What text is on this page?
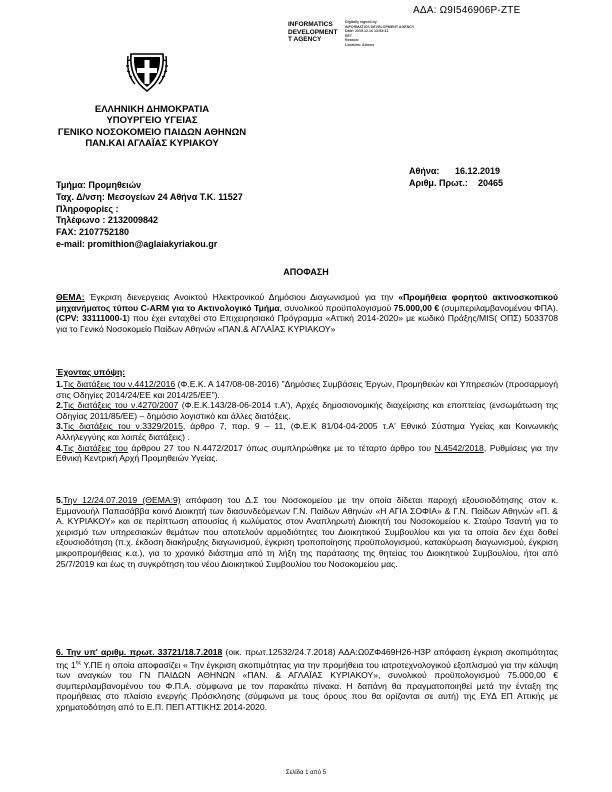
ΑΔΑ: Ω9Ι546906Ρ-ΖΤΕ
INFORMATICS
DEVELOPMENT
T AGENCY
Digitally signed by
INFORMATICS DEVELOPMENT AGENCY
Date: 2019.12.16 13:53:31
EET
Reason:
Location: Athens
ΕΛΛΗΝΙΚΗ ΔΗΜΟΚΡΑΤΙΑ
ΥΠΟΥΡΓΕΙΟ ΥΓΕΙΑΣ
ΓΕΝΙΚΟ ΝΟΣΟΚΟΜΕΙΟ ΠΑΙΔΩΝ ΑΘΗΝΩΝ
ΠΑΝ.ΚΑΙ ΑΓΛΑΪΑΣ ΚΥΡΙΑΚΟΥ
Αθήνα: 16.12.2019
Αριθμ. Πρωτ.: 20465
Τμήμα: Προμηθειών
Ταχ. Δ/νση: Μεσογείων 24 Αθήνα Τ.Κ. 11527
Πληροφορίες :
Τηλέφωνο : 2132009842
FAX: 2107752180
e-mail: promithion@aglaiakyriakou.gr
ΑΠΟΦΑΣΗ
ΘΕΜΑ: Έγκριση διενεργειας Ανοικτού Ηλεκτρονικού Δημόσιου Διαγωνισμού για την «Προμήθεια φορητού ακτινοσκοπικού μηχανήματος τύπου C-ARM για το Ακτινολογικό Τμήμα, συνολικού προϋπολογισμού 75.000,00 € (συμπεριλαμβανομένου ΦΠΑ). (CPV: 33111000-1) που έχει ενταχθεί στο Επιχειρησιακό Πρόγραμμα «Αττική 2014-2020» με κωδικό Πράξης/MIS( ΟΠΣ) 5033708 για το Γενικό Νοσοκομείο Παίδων Αθηνών «ΠΑΝ.& ΑΓΛΑΪΑΣ ΚΥΡΙΑΚΟΥ»
Έχοντας υπόψη:
1.Τις διατάξεις του ν.4412/2016 (Φ.Ε.Κ. Α 147/08-08-2016) "Δημόσιες Συμβάσεις Έργων, Προμηθειών και Υπηρεσιών (προσαρμογή στις Οδηγίες 2014/24/ΕΕ και 2014/25/ΕΕ").
2.Τις διατάξεις του ν.4270/2007 (Φ.Ε.Κ.143/28-06-2014 τ.Α'), Αρχές δημοσιονομικής διαχείρισης και εποπτείας (ενσωμάτωση της Οδηγίας 2011/85/ΕΕ) – δημόσιο λογιστικό και άλλες διατάξεις.
3.Τις διατάξεις του ν.3329/2015, άρθρο 7, παρ. 9 – 11, (Φ.Ε.Κ 81/04-04-2005 τ.Α' Εθνικό Σύστημα Υγείας και Κοινωνικής Αλληλεγγύης και λοιπές διατάξεις) .
4.Τις διατάξεις του άρθρου 27 του Ν.4472/2017 όπως συμπληρώθηκε με το τέταρτο άρθρο του Ν.4542/2018, Ρυθμίσεις για την Εθνική Κεντρική Αρχή Προμηθειών Υγείας.
5.Την 12/24.07.2019 (ΘΕΜΑ:9) απόφαση του Δ.Σ του Νοσοκομείου με την οποία δίδεται παροχή εξουσιοδότησης στον κ. Εμμανουήλ Παπασάββα κοινό Διοικητή των διασυνδεόμενων Γ.Ν. Παίδων Αθηνών «Η ΑΓΙΑ ΣΟΦΙΑ» & Γ.Ν. Παίδων Αθηνών «Π. & Α. ΚΥΡΙΑΚΟΥ» και σε περίπτωση απουσίας ή κωλύματος στον Αναπληρωτή Διοικητή του Νοσοκομείου κ. Σταύρο Τσαντή για το χειρισμό των υπηρεσιακών θεμάτων που αποτελούν αρμοδιότητες του Διοικητικού Συμβουλίου και για τα οποία δεν έχει δοθεί εξουσιοδότηση (π.χ. έκδοση διακήρυξης διαγωνισμού, έγκριση τροποποίησης προϋπολογισμού, κατακύρωση διαγωνισμού, έγκριση μικροπρομήθειας κ.α.), για το χρονικό διάστημα από τη λήξη της παράτασης της θητείας του Διοικητικού Συμβουλίου, ήτοι από 25/7/2019 και έως τη συγκρότηση του νέου Διοικητικού Συμβουλίου του Νοσοκομείου μας.
6. Την υπ' αριθμ. πρωτ. 33721/18.7.2018 (οικ. πρωτ.12532/24.7.2018) ΑΔΑ:Ω0ΖΦ469Η26-Η3Ρ απόφαση έγκριση σκοπιμότητας της $1^{\eta\varsigma}$ Υ.ΠΕ η οποία αποφασίζει « Την έγκριση σκοπιμότητας για την προμήθεια του ιατροτεχνολογικού εξοπλισμού για την κάλυψη των αναγκών του ΓΝ ΠΑΙΔΩΝ ΑΘΗΝΩΝ «ΠΑΝ. & ΑΓΛΑΪΑΣ ΚΥΡΙΑΚΟΥ», συνολικού προϋπολογισμού 75.000,00 € συμπεριλαμβανομένου του Φ.Π.Α. σύμφωνα με τον παρακάτω πίνακα. Η δαπάνη θα πραγματοποιηθεί μετά την ένταξη της προμήθειας στο πλαίσιο ενεργής Πρόσκλησης (σύμφωνα με τους όρους που θα ορίζονται σε αυτή) της ΕΥΔ ΕΠ Αττικής με χρηματοδότηση από το Ε.Π. ΠΕΠ ΑΤΤΙΚΗΣ 2014-2020.
Σελίδα 1 από 5
